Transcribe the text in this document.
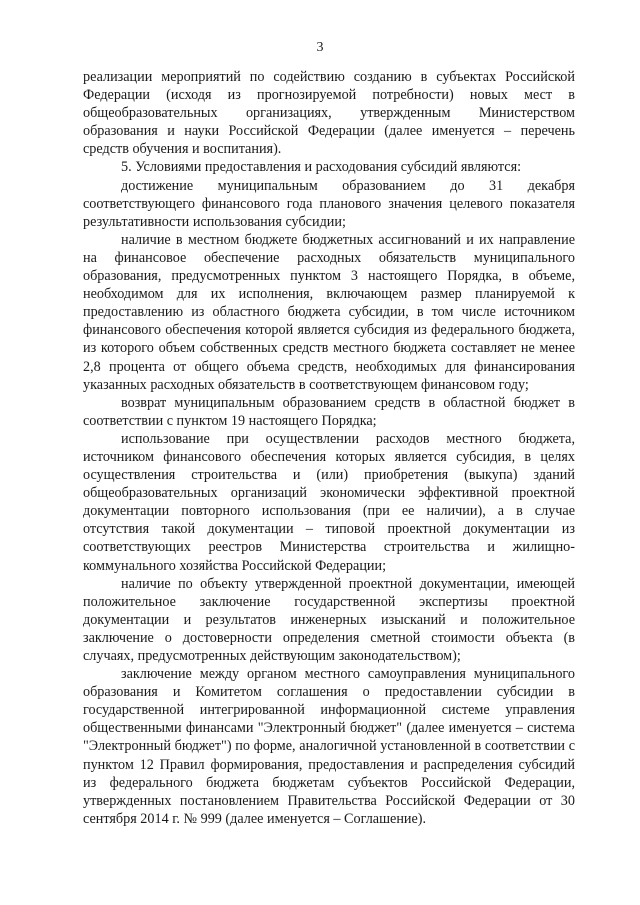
3

реализации мероприятий по содействию созданию в субъектах Российской Федерации (исходя из прогнозируемой потребности) новых мест в общеобразовательных организациях, утвержденным Министерством образования и науки Российской Федерации (далее именуется – перечень средств обучения и воспитания).

5. Условиями предоставления и расходования субсидий являются:

достижение муниципальным образованием до 31 декабря соответствующего финансового года планового значения целевого показателя результативности использования субсидии;

наличие в местном бюджете бюджетных ассигнований и их направление на финансовое обеспечение расходных обязательств муниципального образования, предусмотренных пунктом 3 настоящего Порядка, в объеме, необходимом для их исполнения, включающем размер планируемой к предоставлению из областного бюджета субсидии, в том числе источником финансового обеспечения которой является субсидия из федерального бюджета, из которого объем собственных средств местного бюджета составляет не менее 2,8 процента от общего объема средств, необходимых для финансирования указанных расходных обязательств в соответствующем финансовом году;

возврат муниципальным образованием средств в областной бюджет в соответствии с пунктом 19 настоящего Порядка;

использование при осуществлении расходов местного бюджета, источником финансового обеспечения которых является субсидия, в целях осуществления строительства и (или) приобретения (выкупа) зданий общеобразовательных организаций экономически эффективной проектной документации повторного использования (при ее наличии), а в случае отсутствия такой документации – типовой проектной документации из соответствующих реестров Министерства строительства и жилищно-коммунального хозяйства Российской Федерации;

наличие по объекту утвержденной проектной документации, имеющей положительное заключение государственной экспертизы проектной документации и результатов инженерных изысканий и положительное заключение о достоверности определения сметной стоимости объекта (в случаях, предусмотренных действующим законодательством);

заключение между органом местного самоуправления муниципального образования и Комитетом соглашения о предоставлении субсидии в государственной интегрированной информационной системе управления общественными финансами "Электронный бюджет" (далее именуется – система "Электронный бюджет") по форме, аналогичной установленной в соответствии с пунктом 12 Правил формирования, предоставления и распределения субсидий из федерального бюджета бюджетам субъектов Российской Федерации, утвержденных постановлением Правительства Российской Федерации от 30 сентября 2014 г. № 999 (далее именуется – Соглашение).
